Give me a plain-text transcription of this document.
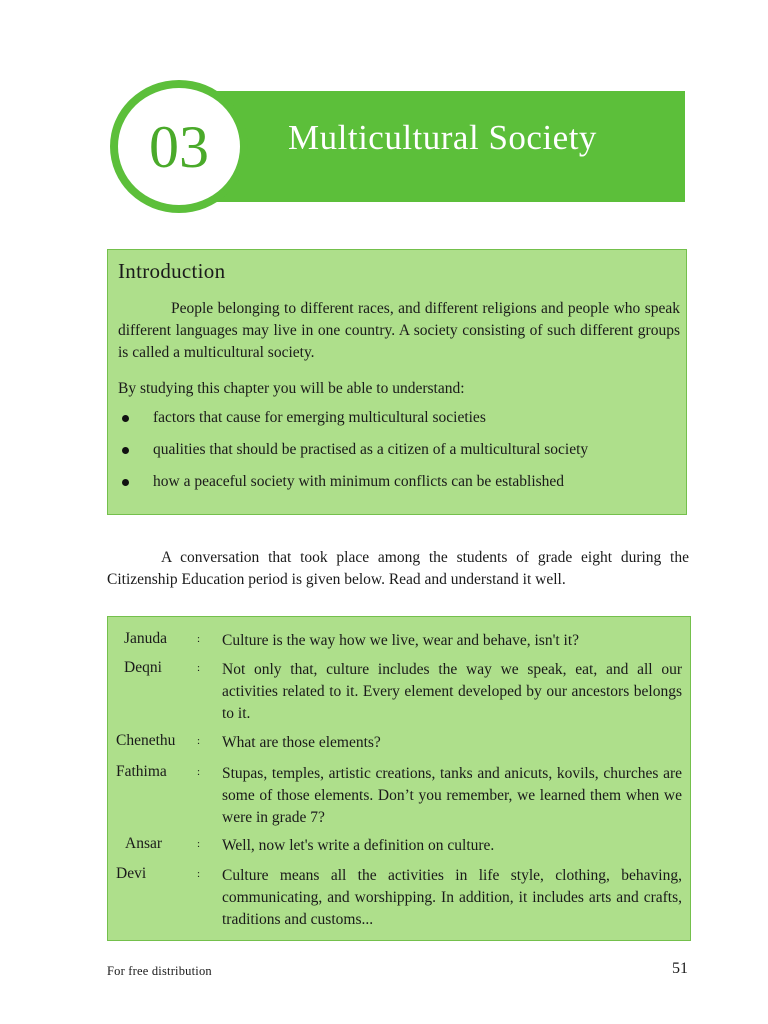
Multicultural Society
03
Introduction

People belonging to different races, and different religions and people who speak different languages may live in one country. A society consisting of such different groups is called a multicultural society.

By studying this chapter you will be able to understand:
factors that cause for emerging multicultural societies
qualities that should be practised as a citizen of a multicultural society
how a peaceful society with minimum conflicts can be established

A conversation that took place among the students of grade eight during the Citizenship Education period is given below. Read and understand it well.

Januda	: Culture is the way how we live, wear and behave, isn't it?

Deqni	: Not only that, culture includes the way we speak, eat, and all our activities related to it. Every element developed by our ancestors belongs to it.

Chenethu : What are those elements?

Fathima	: Stupas, temples, artistic creations, tanks and anicuts, kovils, churches are some of those elements. Don’t you remember, we learned them when we were in grade 7?

Ansar	: Well, now let's write a definition on culture.

Devi	: Culture means all the activities in life style, clothing, behaving, communicating, and worshipping. In addition, it includes arts and crafts, traditions and customs...

For free distribution	51
